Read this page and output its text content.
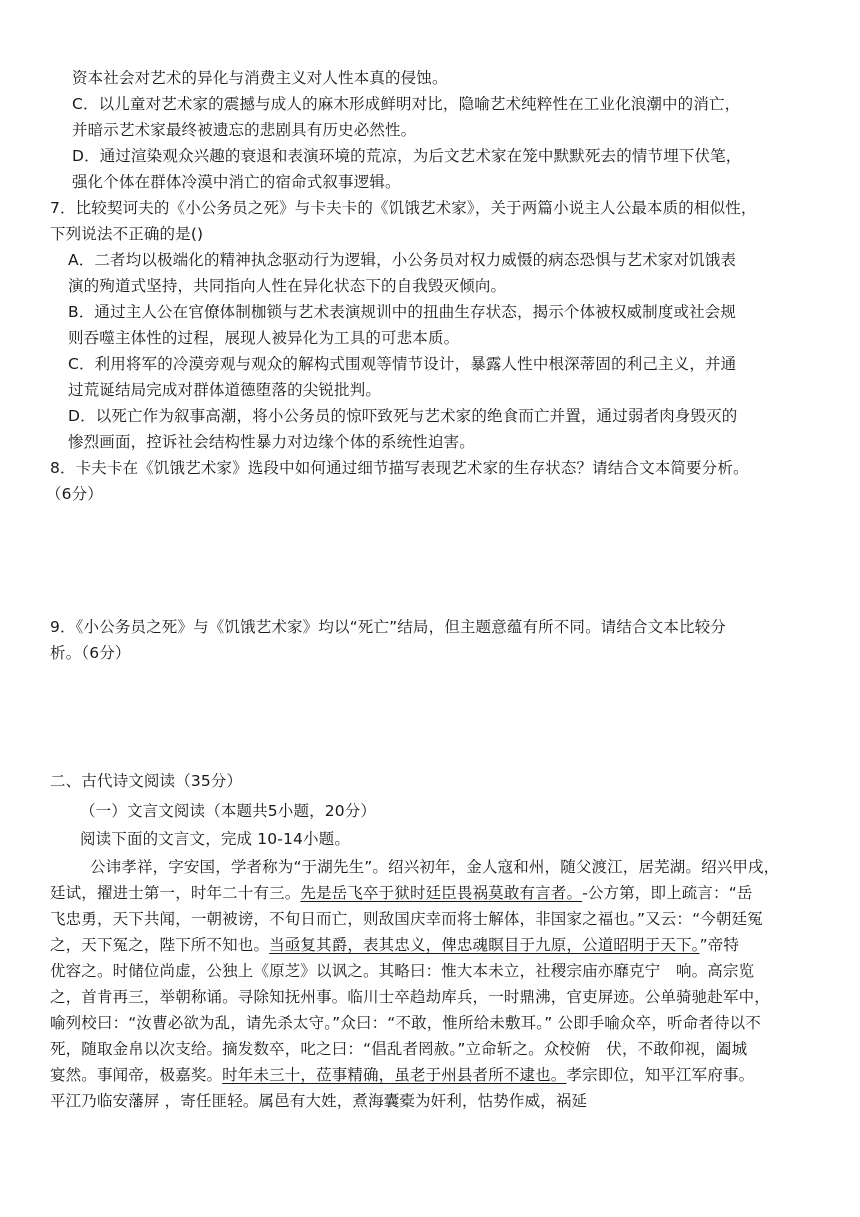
资本社会对艺术的异化与消费主义对人性本真的侵蚀。
C．以儿童对艺术家的震撼与成人的麻木形成鲜明对比，隐喻艺术纯粹性在工业化浪潮中的消亡，
并暗示艺术家最终被遗忘的悲剧具有历史必然性。
D．通过渲染观众兴趣的衰退和表演环境的荒凉，为后文艺术家在笼中默默死去的情节埋下伏笔，
强化个体在群体冷漠中消亡的宿命式叙事逻辑。
7．比较契诃夫的《小公务员之死》与卡夫卡的《饥饿艺术家》，关于两篇小说主人公最本质的相似性，
下列说法不正确的是()
A．二者均以极端化的精神执念驱动行为逻辑，小公务员对权力威慑的病态恐惧与艺术家对饥饿表
演的殉道式坚持，共同指向人性在异化状态下的自我毁灭倾向。
B．通过主人公在官僚体制枷锁与艺术表演规训中的扭曲生存状态，揭示个体被权威制度或社会规
则吞噬主体性的过程，展现人被异化为工具的可悲本质。
C．利用将军的冷漠旁观与观众的解构式围观等情节设计，暴露人性中根深蒂固的利己主义，并通
过荒诞结局完成对群体道德堕落的尖锐批判。
D．以死亡作为叙事高潮，将小公务员的惊吓致死与艺术家的绝食而亡并置，通过弱者肉身毁灭的
惨烈画面，控诉社会结构性暴力对边缘个体的系统性迫害。
8．卡夫卡在《饥饿艺术家》选段中如何通过细节描写表现艺术家的生存状态？请结合文本简要分析。
（6分）
9．《小公务员之死》与《饥饿艺术家》均以“死亡”结局，但主题意蕴有所不同。请结合文本比较分
析。（6分）
二、古代诗文阅读（35分）
（一）文言文阅读（本题共5小题，20分）
阅读下面的文言文，完成 10-14小题。
公讳孝祥，字安国，学者称为“于湖先生”。绍兴初年，金人寇和州，随父渡江，居芜湖。绍兴甲戌，
廷试，擢进士第一，时年二十有三。先是岳飞卒于狱时廷臣畏祸莫敢有言者。-公方第，即上疏言：“岳
飞忠勇，天下共闻，一朝被谤，不旬日而亡，则敌国庆幸而将士解体，非国家之福也。”又云：“今朝廷冤
之，天下冤之，陛下所不知也。当亟复其爵，表其忠义，俾忠魂瞑目于九原，公道昭明于天下。”帝特
优容之。时储位尚虚，公独上《原芝》以讽之。其略曰：惟大本未立，社稷宗庙亦靡克宁　响。高宗览
之，首肯再三，举朝称诵。寻除知抚州事。临川士卒趋劫库兵，一时鼎沸，官吏屏迹。公单骑驰赴军中，
喻列校曰：“汝曹必欲为乱，请先杀太守。”众曰：“不敢，惟所给未敷耳。” 公即手喻众卒，听命者待以不
死，随取金帛以次支给。摘发数卒，叱之曰：“倡乱者罔赦。”立命斩之。众校俯　伏，不敢仰视，阖城
宴然。事闻帝，极嘉奖。时年未三十，莅事精确，虽老于州县者所不逮也。孝宗即位，知平江军府事。
平江乃临安藩屏 ，寄任匪轻。属邑有大姓，煮海囊橐为奸利，怙势作威，祸延
